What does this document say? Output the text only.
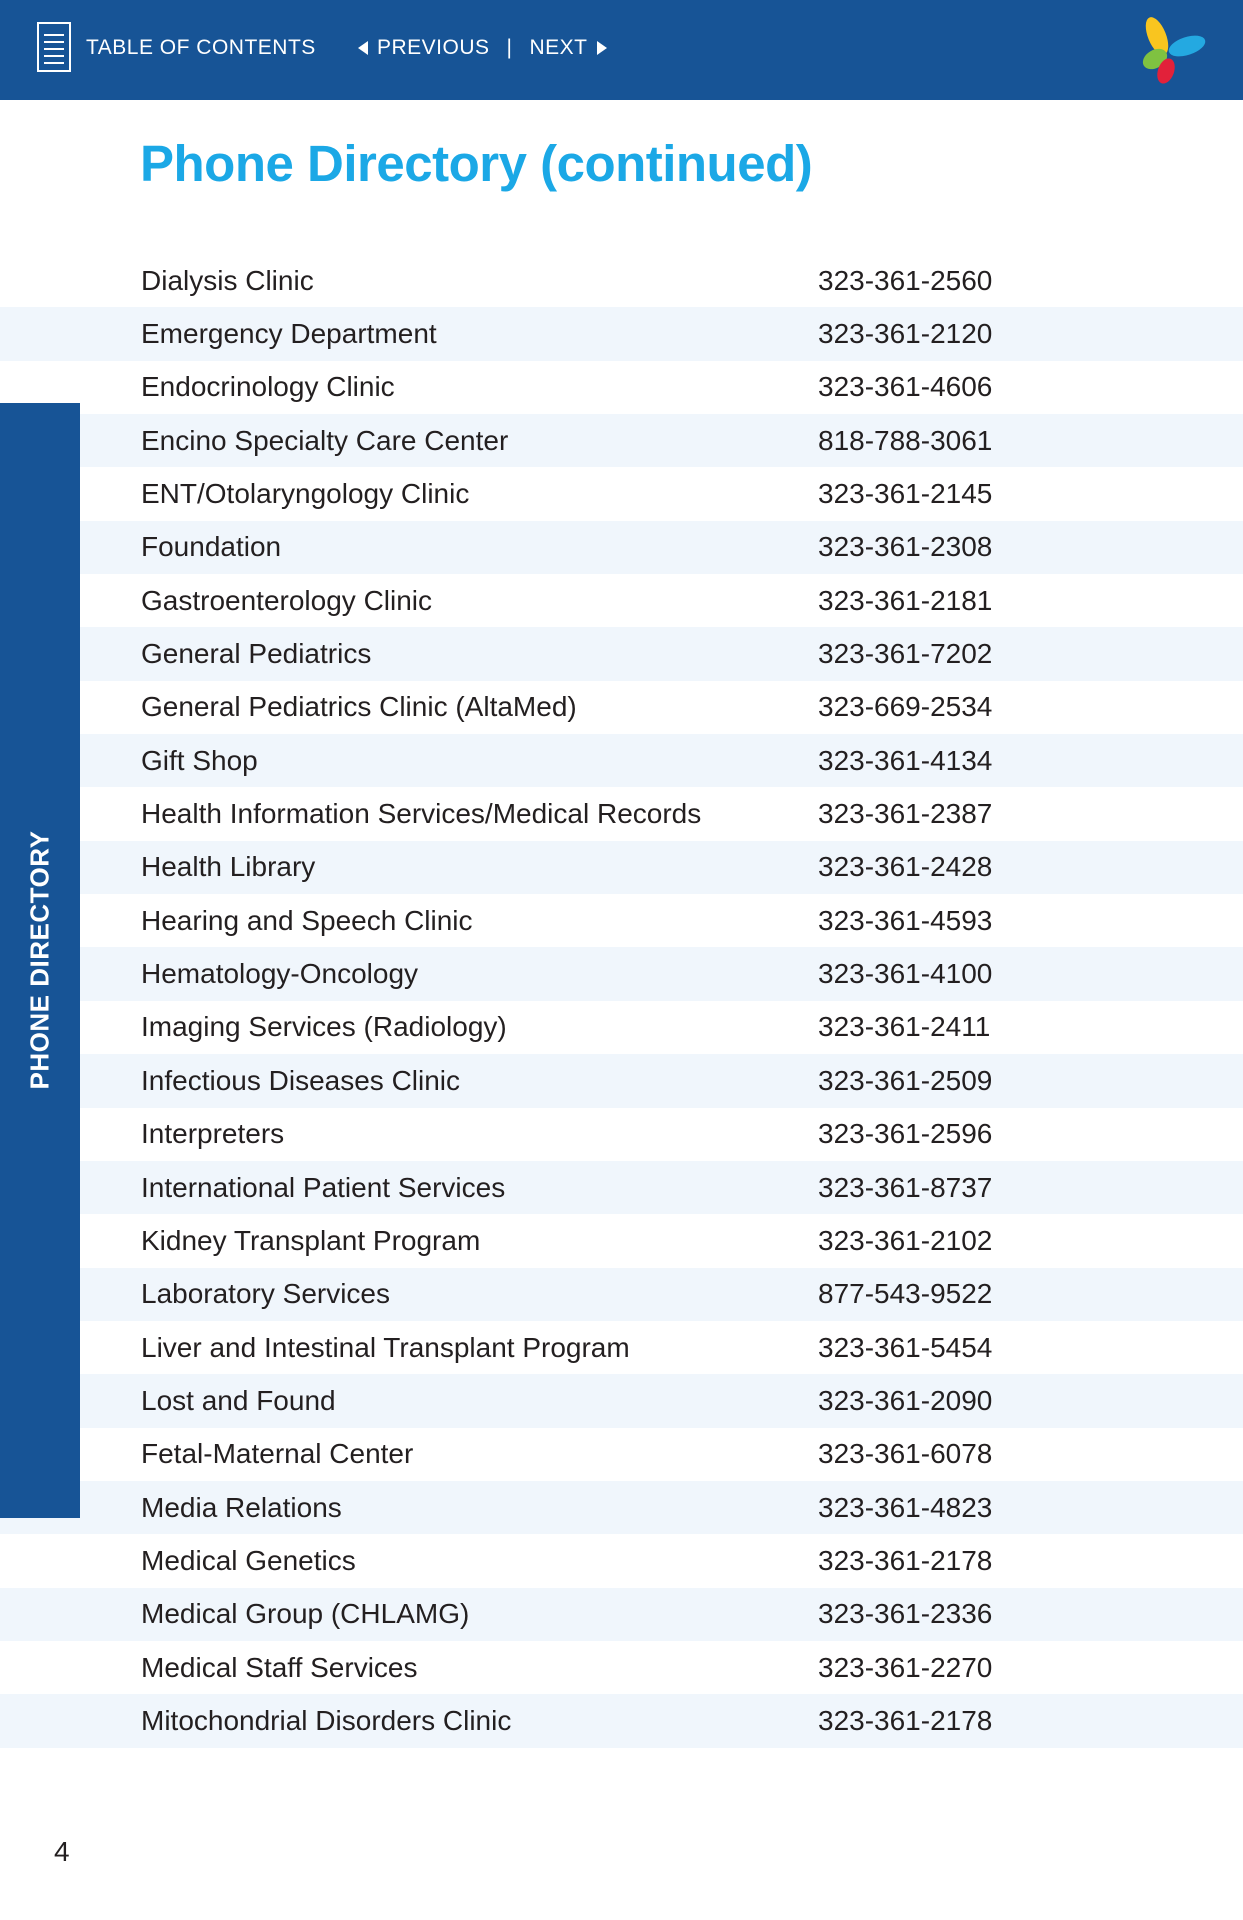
TABLE OF CONTENTS	PREVIOUS | NEXT
Phone Directory (continued)
PHONE DIRECTORY
Dialysis Clinic	323-361-2560
Emergency Department	323-361-2120
Endocrinology Clinic	323-361-4606
Encino Specialty Care Center	818-788-3061
ENT/Otolaryngology Clinic	323-361-2145
Foundation	323-361-2308
Gastroenterology Clinic	323-361-2181
General Pediatrics	323-361-7202
General Pediatrics Clinic (AltaMed)	323-669-2534
Gift Shop	323-361-4134
Health Information Services/Medical Records	323-361-2387
Health Library	323-361-2428
Hearing and Speech Clinic	323-361-4593
Hematology-Oncology	323-361-4100
Imaging Services (Radiology)	323-361-2411
Infectious Diseases Clinic	323-361-2509
Interpreters	323-361-2596
International Patient Services	323-361-8737
Kidney Transplant Program	323-361-2102
Laboratory Services	877-543-9522
Liver and Intestinal Transplant Program	323-361-5454
Lost and Found	323-361-2090
Fetal-Maternal Center	323-361-6078
Media Relations	323-361-4823
Medical Genetics	323-361-2178
Medical Group (CHLAMG)	323-361-2336
Medical Staff Services	323-361-2270
Mitochondrial Disorders Clinic	323-361-2178
4
